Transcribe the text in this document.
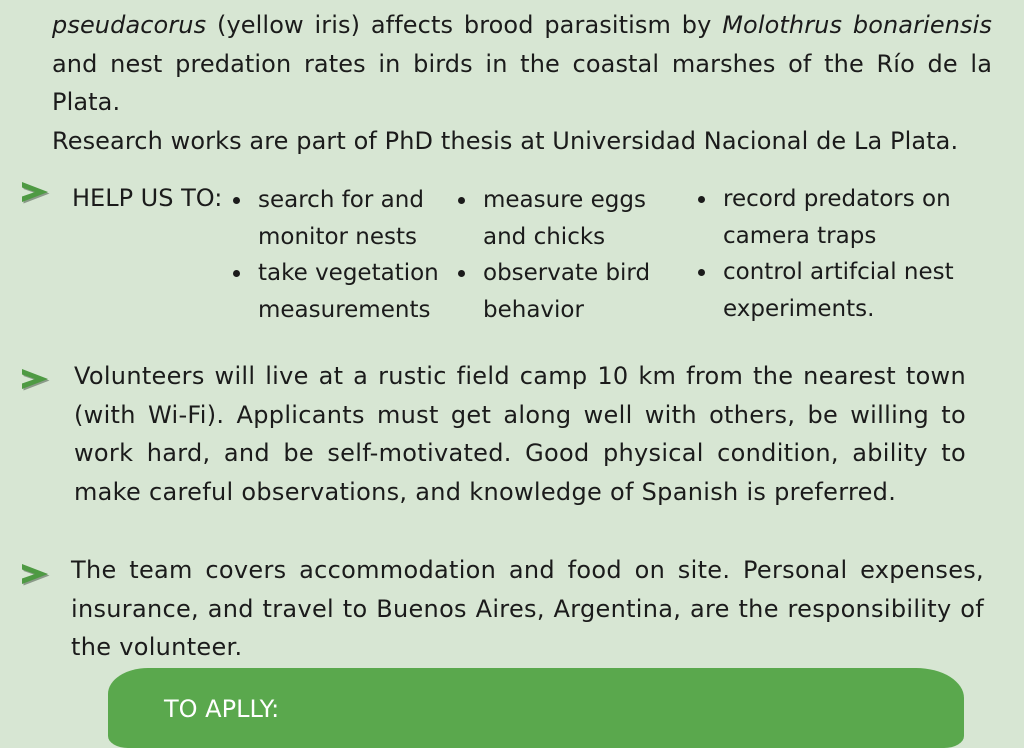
pseudacorus (yellow iris) affects brood parasitism by Molothrus bonariensis
and nest predation rates in birds in the coastal marshes of the Río de la Plata.
Research works are part of PhD thesis at Universidad Nacional de La Plata.

HELP US TO:	search for and monitor nests
take vegetation measurements
measure eggs and chicks
observate bird behavior
record predators on camera traps
control artifcial nest experiments.

Volunteers will live at a rustic field camp 10 km from the nearest town (with Wi-Fi). Applicants must get along well with others, be willing to work hard, and be self-motivated. Good physical condition, ability to make careful observations, and knowledge of Spanish is preferred.

The team covers accommodation and food on site. Personal expenses, insurance, and travel to Buenos Aires, Argentina, are the responsibility of the volunteer.

TO APLLY:
